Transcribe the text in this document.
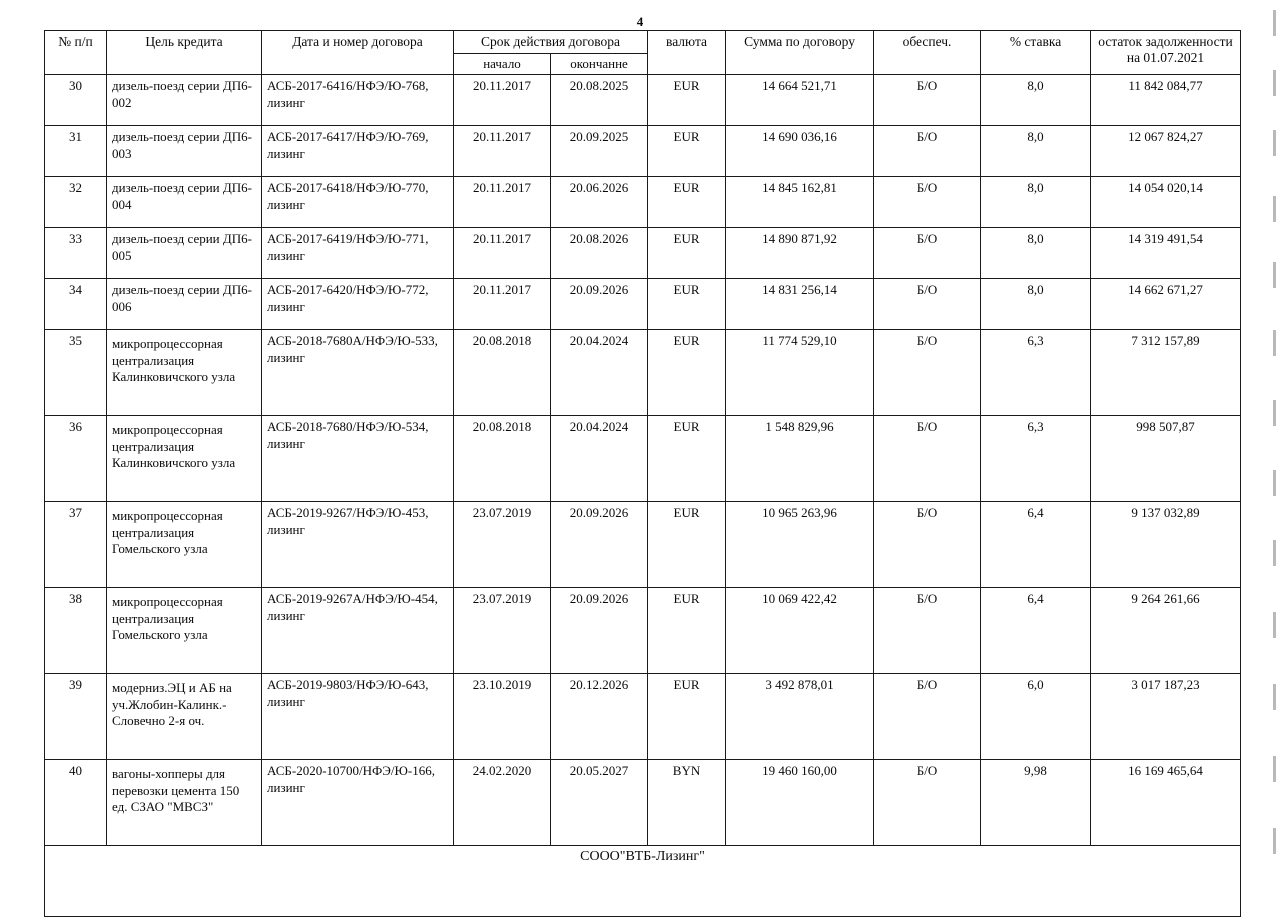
4
№ п/п	Цель кредита	Дата и номер договора	Срок действия договора		валюта	Сумма по договору	обеспеч.	% ставка	остаток задолженности на 01.07.2021
			начало	окончанне					
30	дизель-поезд серии ДП6-002	АСБ-2017-6416/НФЭ/Ю-768, лизинг	20.11.2017	20.08.2025	EUR	14 664 521,71	Б/О	8,0	11 842 084,77
31	дизель-поезд серии ДП6-003	АСБ-2017-6417/НФЭ/Ю-769, лизинг	20.11.2017	20.09.2025	EUR	14 690 036,16	Б/О	8,0	12 067 824,27
32	дизель-поезд серии ДП6-004	АСБ-2017-6418/НФЭ/Ю-770, лизинг	20.11.2017	20.06.2026	EUR	14 845 162,81	Б/О	8,0	14 054 020,14
33	дизель-поезд серии ДП6-005	АСБ-2017-6419/НФЭ/Ю-771, лизинг	20.11.2017	20.08.2026	EUR	14 890 871,92	Б/О	8,0	14 319 491,54
34	дизель-поезд серии ДП6-006	АСБ-2017-6420/НФЭ/Ю-772, лизинг	20.11.2017	20.09.2026	EUR	14 831 256,14	Б/О	8,0	14 662 671,27
35	микропроцессорная централизация Калинковичского узла	АСБ-2018-7680А/НФЭ/Ю-533, лизинг	20.08.2018	20.04.2024	EUR	11 774 529,10	Б/О	6,3	7 312 157,89
36	микропроцессорная централизация Калинковичского узла	АСБ-2018-7680/НФЭ/Ю-534, лизинг	20.08.2018	20.04.2024	EUR	1 548 829,96	Б/О	6,3	998 507,87
37	микропроцессорная централизация Гомельского узла	АСБ-2019-9267/НФЭ/Ю-453, лизинг	23.07.2019	20.09.2026	EUR	10 965 263,96	Б/О	6,4	9 137 032,89
38	микропроцессорная централизация Гомельского узла	АСБ-2019-9267А/НФЭ/Ю-454, лизинг	23.07.2019	20.09.2026	EUR	10 069 422,42	Б/О	6,4	9 264 261,66
39	модерниз.ЭЦ и АБ на уч.Жлобин-Калинк.-Словечно 2-я оч.	АСБ-2019-9803/НФЭ/Ю-643, лизинг	23.10.2019	20.12.2026	EUR	3 492 878,01	Б/О	6,0	3 017 187,23
40	вагоны-хопперы для перевозки цемента 150 ед. СЗАО "МВСЗ"	АСБ-2020-10700/НФЭ/Ю-166, лизинг	24.02.2020	20.05.2027	BYN	19 460 160,00	Б/О	9,98	16 169 465,64
СОOO"ВТБ-Лизинг"									
